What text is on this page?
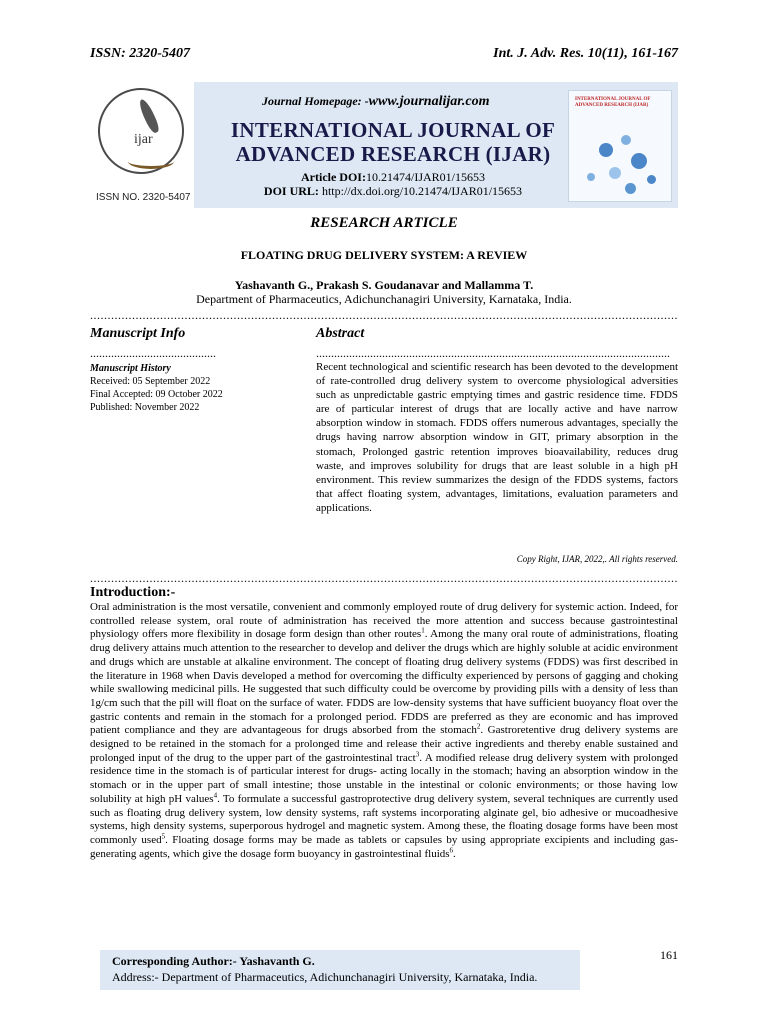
ISSN: 2320-5407	Int. J. Adv. Res. 10(11), 161-167
ijar
ISSN NO. 2320-5407
Journal Homepage: -www.journalijar.com
INTERNATIONAL JOURNAL OF
ADVANCED RESEARCH (IJAR)
Article DOI:10.21474/IJAR01/15653
DOI URL: http://dx.doi.org/10.21474/IJAR01/15653
INTERNATIONAL JOURNAL OF ADVANCED RESEARCH (IJAR)
RESEARCH ARTICLE
FLOATING DRUG DELIVERY SYSTEM: A REVIEW
Yashavanth G., Prakash S. Goudanavar and Mallamma T.
Department of Pharmaceutics, Adichunchanagiri University, Karnataka, India.
.....
Manuscript Info	Abstract
.....
.....
Manuscript History
Received: 05 September 2022
Final Accepted: 09 October 2022
Published: November 2022
Recent technological and scientific research has been devoted to the development of rate-controlled drug delivery system to overcome physiological adversities such as unpredictable gastric emptying times and gastric residence time. FDDS are of particular interest of drugs that are locally active and have narrow absorption window in stomach. FDDS offers numerous advantages, specially the drugs having narrow absorption window in GIT, primary absorption in the stomach, Prolonged gastric retention improves bioavailability, reduces drug waste, and improves solubility for drugs that are least soluble in a high pH environment. This review summarizes the design of the FDDS systems, factors that affect floating system, advantages, limitations, evaluation parameters and applications.
Copy Right, IJAR, 2022,. All rights reserved.
.....
Introduction:-
Oral administration is the most versatile, convenient and commonly employed route of drug delivery for systemic action. Indeed, for controlled release system, oral route of administration has received the more attention and success because gastrointestinal physiology offers more flexibility in dosage form design than other routes$^1$. Among the many oral route of administrations, floating drug delivery attains much attention to the researcher to develop and deliver the drugs which are highly soluble at acidic environment and drugs which are unstable at alkaline environment. The concept of floating drug delivery systems (FDDS) was first described in the literature in 1968 when Davis developed a method for overcoming the difficulty experienced by persons of gagging and choking while swallowing medicinal pills. He suggested that such difficulty could be overcome by providing pills with a density of less than 1g/cm such that the pill will float on the surface of water. FDDS are low-density systems that have sufficient buoyancy float over the gastric contents and remain in the stomach for a prolonged period. FDDS are preferred as they are economic and has improved patient compliance and they are advantageous for drugs absorbed from the stomach$^2$. Gastroretentive drug delivery systems are designed to be retained in the stomach for a prolonged time and release their active ingredients and thereby enable sustained and prolonged input of the drug to the upper part of the gastrointestinal tract$^3$. A modified release drug delivery system with prolonged residence time in the stomach is of particular interest for drugs- acting locally in the stomach; having an absorption window in the stomach or in the upper part of small intestine; those unstable in the intestinal or colonic environments; or those having low solubility at high pH values$^4$. To formulate a successful gastroprotective drug delivery system, several techniques are currently used such as floating drug delivery system, low density systems, raft systems incorporating alginate gel, bio adhesive or mucoadhesive systems, high density systems, superporous hydrogel and magnetic system. Among these, the floating dosage forms have been most commonly used$^5$. Floating dosage forms may be made as tablets or capsules by using appropriate excipients and including gas-generating agents, which give the dosage form buoyancy in gastrointestinal fluids$^6$.
161
Corresponding Author:- Yashavanth G.
Address:- Department of Pharmaceutics, Adichunchanagiri University, Karnataka, India.
